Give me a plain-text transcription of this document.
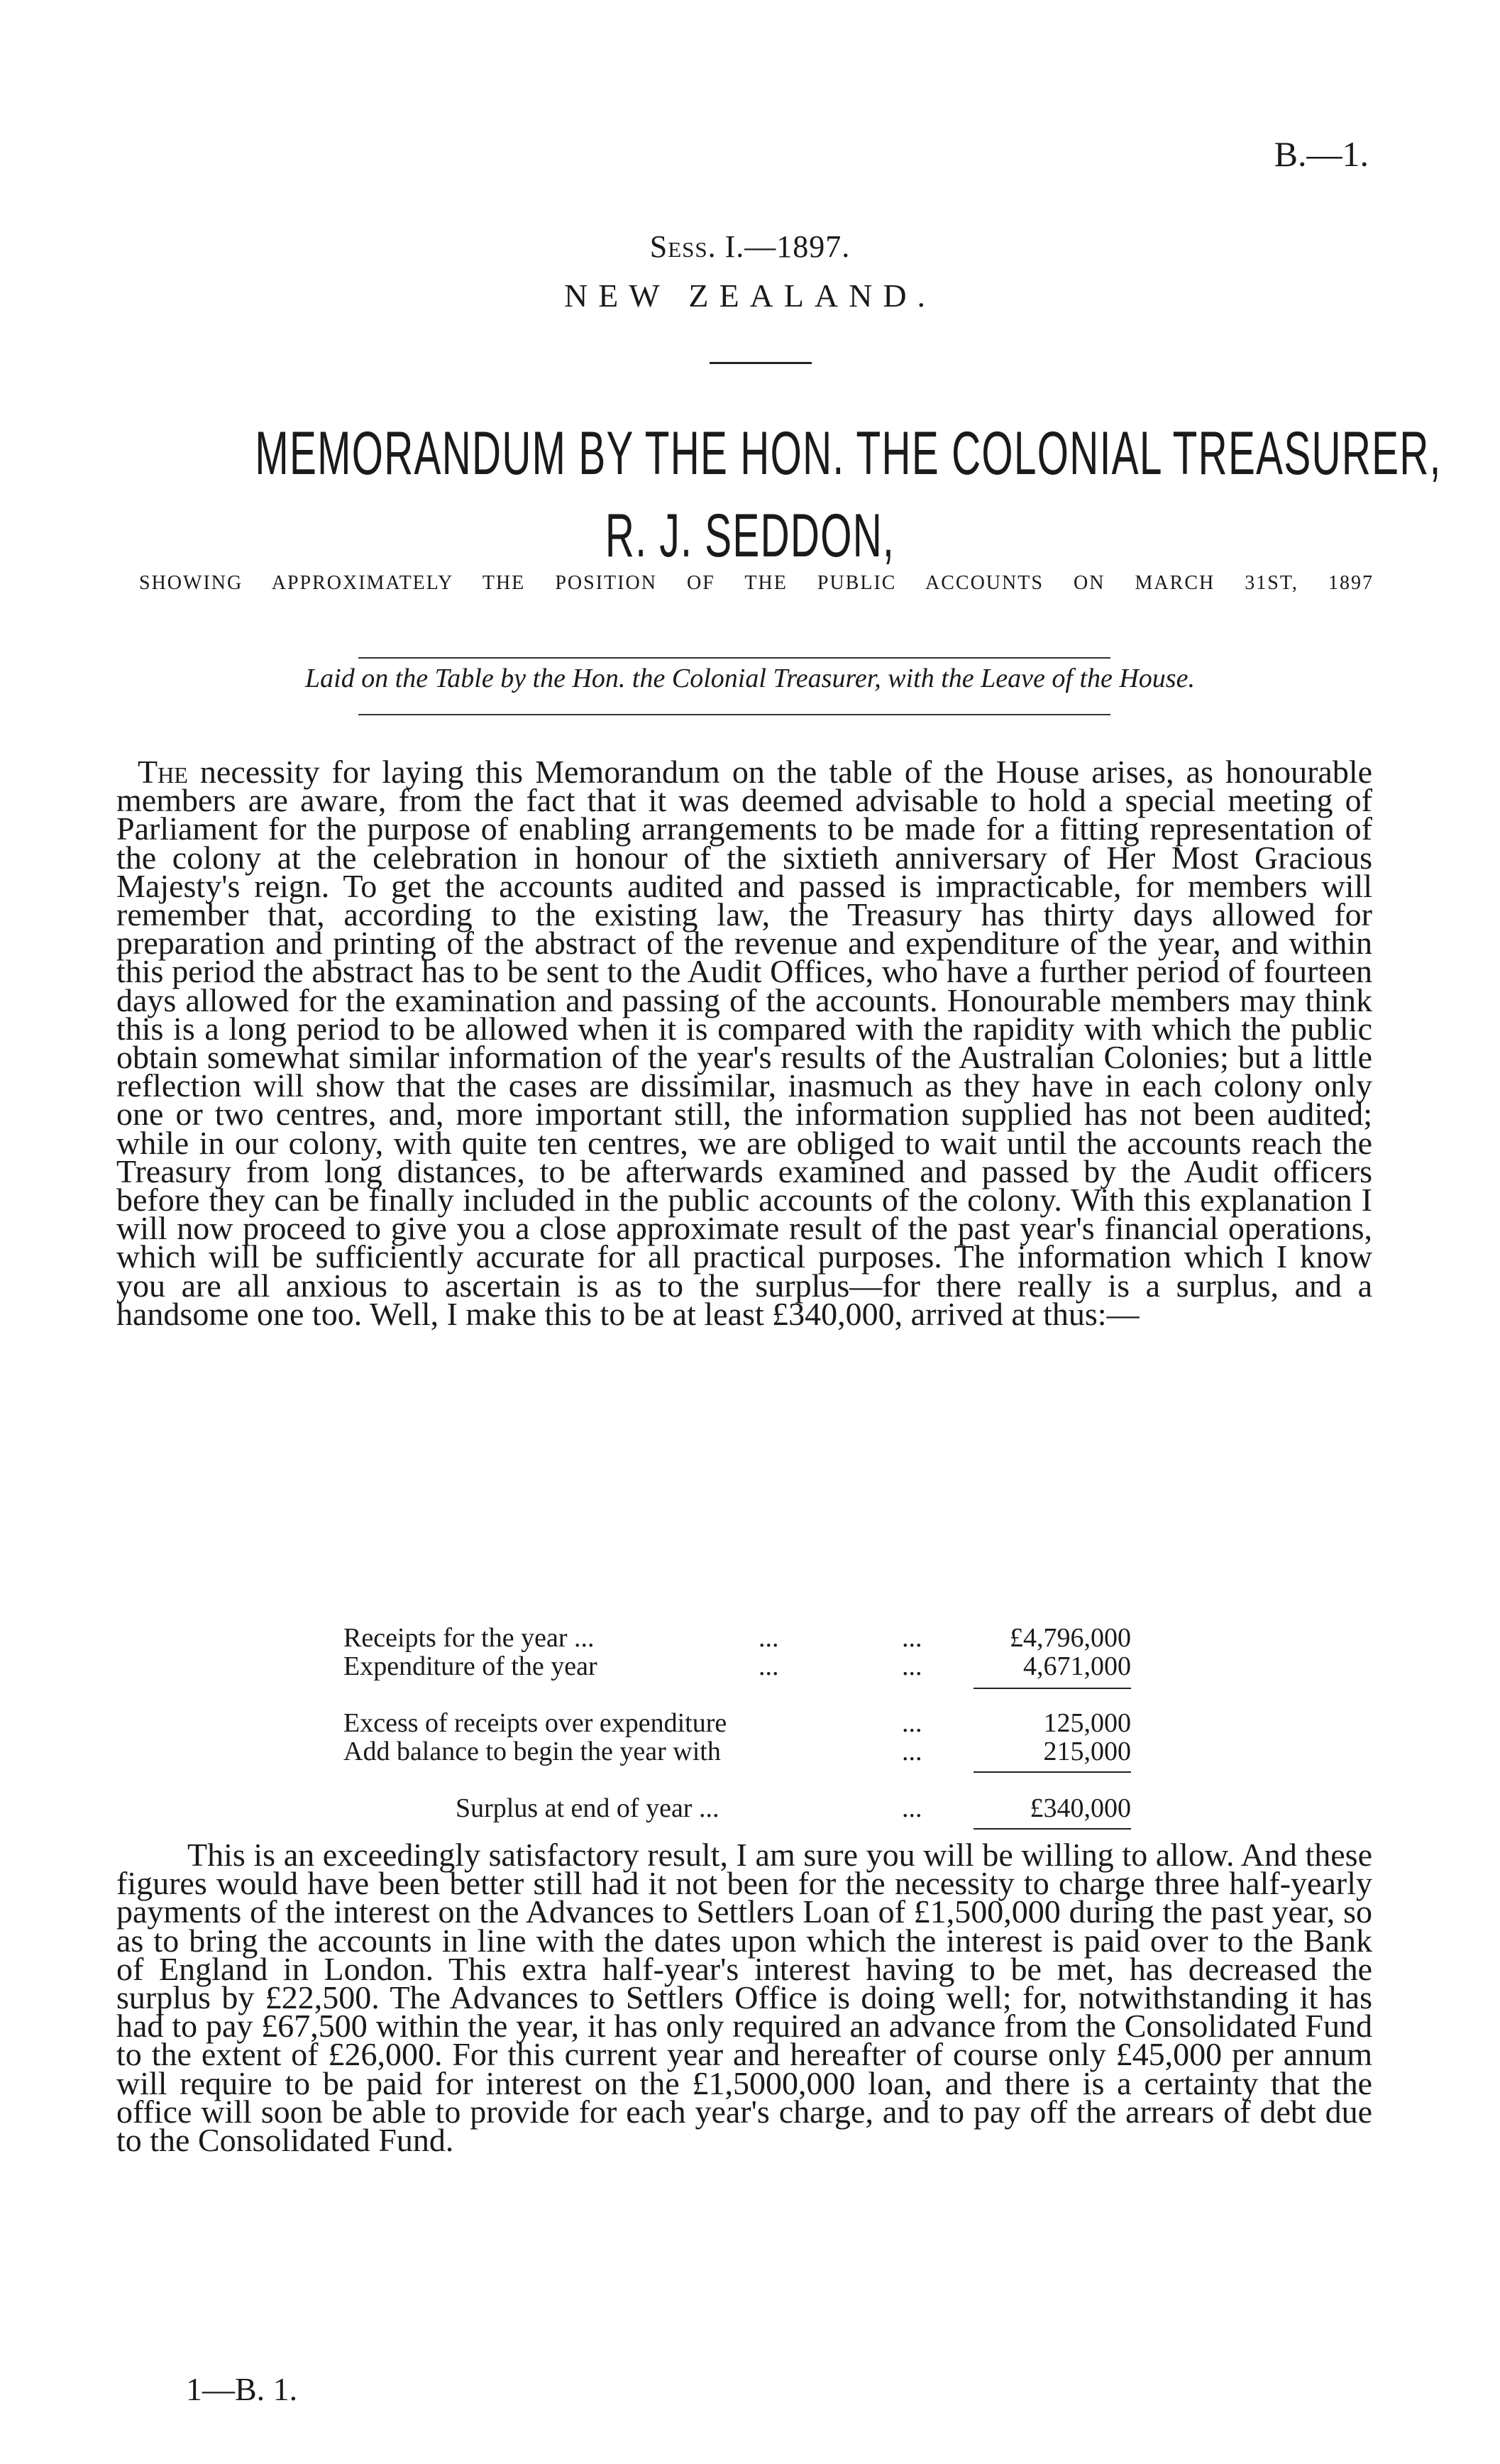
B.—1.
Sess. I.—1897.
NEW ZEALAND.
MEMORANDUM BY THE HON. THE COLONIAL TREASURER,
R. J. SEDDON,
SHOWING APPROXIMATELY THE POSITION OF THE PUBLIC ACCOUNTS ON MARCH 31ST, 1897
Laid on the Table by the Hon. the Colonial Treasurer, with the Leave of the House.
The necessity for laying this Memorandum on the table of the House arises, as honourable members are aware, from the fact that it was deemed advisable to hold a special meeting of Parliament for the purpose of enabling arrangements to be made for a fitting representation of the colony at the celebration in honour of the sixtieth anniversary of Her Most Gracious Majesty's reign. To get the accounts audited and passed is impracticable, for members will remember that, according to the existing law, the Treasury has thirty days allowed for preparation and printing of the abstract of the revenue and expenditure of the year, and within this period the abstract has to be sent to the Audit Offices, who have a further period of fourteen days allowed for the examination and passing of the accounts. Honourable members may think this is a long period to be allowed when it is compared with the rapidity with which the public obtain somewhat similar information of the year's results of the Australian Colonies; but a little reflection will show that the cases are dissimilar, inasmuch as they have in each colony only one or two centres, and, more important still, the information supplied has not been audited; while in our colony, with quite ten centres, we are obliged to wait until the accounts reach the Treasury from long distances, to be afterwards examined and passed by the Audit officers before they can be finally included in the public accounts of the colony. With this explanation I will now proceed to give you a close approximate result of the past year's financial operations, which will be sufficiently accurate for all practical purposes. The information which I know you are all anxious to ascertain is as to the surplus—for there really is a surplus, and a handsome one too. Well, I make this to be at least £340,000, arrived at thus:—
Receipts for the year ...	...	...	£4,796,000
Expenditure of the year	...	...	4,671,000
Excess of receipts over expenditure	...	125,000
Add balance to begin the year with	...	215,000
Surplus at end of year ...	...	£340,000
This is an exceedingly satisfactory result, I am sure you will be willing to allow. And these figures would have been better still had it not been for the necessity to charge three half-yearly payments of the interest on the Advances to Settlers Loan of £1,500,000 during the past year, so as to bring the accounts in line with the dates upon which the interest is paid over to the Bank of England in London. This extra half-year's interest having to be met, has decreased the surplus by £22,500. The Advances to Settlers Office is doing well; for, notwithstanding it has had to pay £67,500 within the year, it has only required an advance from the Consolidated Fund to the extent of £26,000. For this current year and hereafter of course only £45,000 per annum will require to be paid for interest on the £1,5000,000 loan, and there is a certainty that the office will soon be able to provide for each year's charge, and to pay off the arrears of debt due to the Consolidated Fund.
1—B. 1.
